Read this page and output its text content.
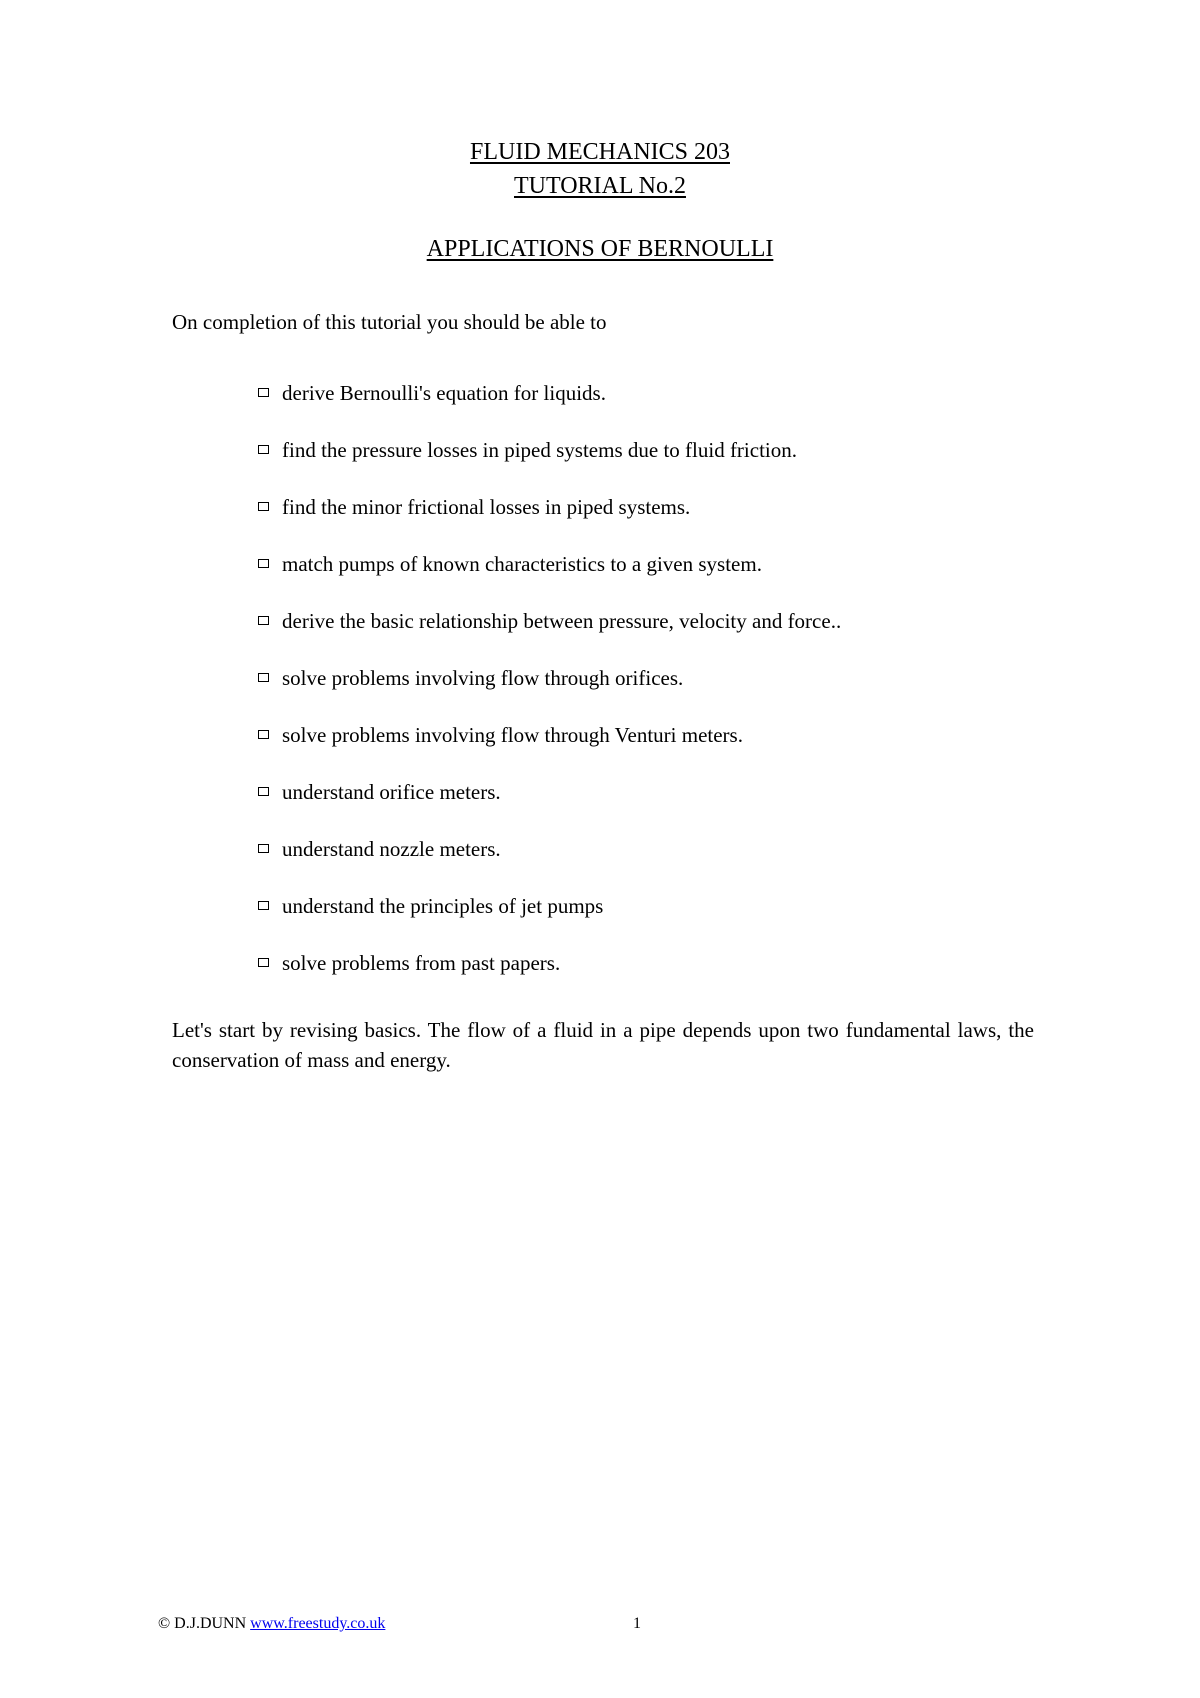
FLUID MECHANICS 203
TUTORIAL No.2
APPLICATIONS OF BERNOULLI
On completion of this tutorial you should be able to
derive Bernoulli's equation for liquids.
find the pressure losses in piped systems due to fluid friction.
find the minor frictional losses in piped systems.
match pumps of known characteristics to a given system.
derive the basic relationship between pressure, velocity and force..
solve problems involving flow through orifices.
solve problems involving flow through Venturi meters.
understand orifice meters.
understand nozzle meters.
understand the principles of jet pumps
solve problems from past papers.
Let's start by revising basics. The flow of a fluid in a pipe depends upon two fundamental laws, the conservation of mass and energy.
© D.J.DUNN www.freestudy.co.uk	1
